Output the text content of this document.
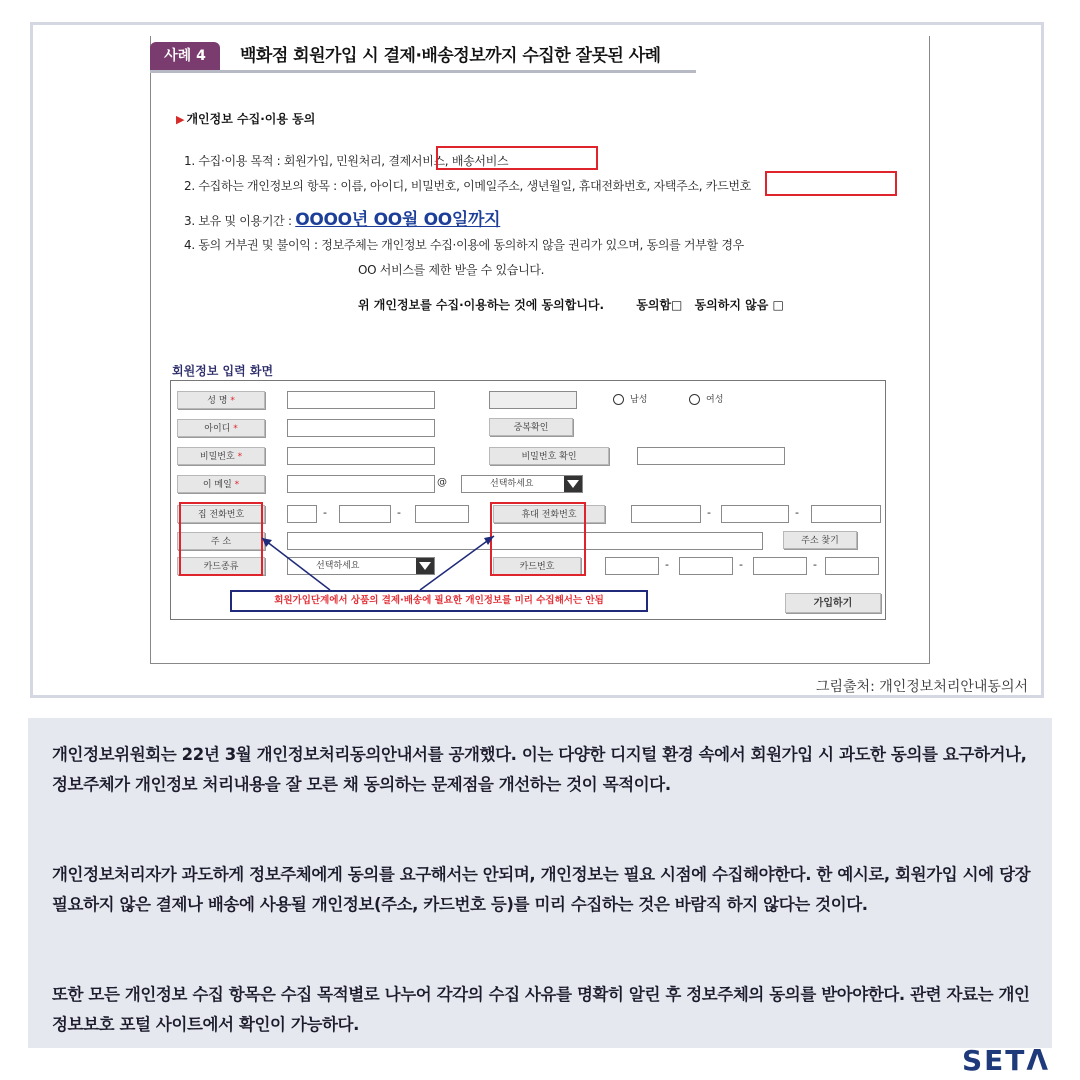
사례 4	백화점 회원가입 시 결제·배송정보까지 수집한 잘못된 사례
▶ 개인정보 수집·이용 동의
1. 수집·이용 목적 : 회원가입, 민원처리, 결제서비스, 배송서비스
2. 수집하는 개인정보의 항목 : 이름, 아이디, 비밀번호, 이메일주소, 생년월일, 휴대전화번호, 자택주소, 카드번호
3. 보유 및 이용기간 : OOOO년 OO월 OO일까지
4. 동의 거부권 및 불이익 : 정보주체는 개인정보 수집·이용에 동의하지 않을 권리가 있으며, 동의를 거부할 경우
OO 서비스를 제한 받을 수 있습니다.
위 개인정보를 수집·이용하는 것에 동의합니다.	동의함□ 동의하지 않음 □
회원정보 입력 화면
성 명 *	남성	여성
아이디 *	중복확인
비밀번호 *	비밀번호 확인
이 메일 *	@	선택하세요
집 전화번호	-	-	휴대 전화번호	-	-
주 소	주소 찾기
카드종류	선택하세요	카드번호	-	-	-
가입하기
회원가입단계에서 상품의 결제·배송에 필요한 개인정보를 미리 수집해서는 안됨
그림출처: 개인정보처리안내동의서
개인정보위원회는 22년 3월 개인정보처리동의안내서를 공개했다. 이는 다양한 디지털 환경 속에서 회원가입 시 과도한 동의를 요구하거나, 정보주체가 개인정보 처리내용을 잘 모른 채 동의하는 문제점을 개선하는 것이 목적이다.
개인정보처리자가 과도하게 정보주체에게 동의를 요구해서는 안되며, 개인정보는 필요 시점에 수집해야한다. 한 예시로, 회원가입 시에 당장 필요하지 않은 결제나 배송에 사용될 개인정보(주소, 카드번호 등)를 미리 수집하는 것은 바람직 하지 않다는 것이다.
또한 모든 개인정보 수집 항목은 수집 목적별로 나누어 각각의 수집 사유를 명확히 알린 후 정보주체의 동의를 받아야한다. 관련 자료는 개인정보보호 포털 사이트에서 확인이 가능하다.
SETΛ
